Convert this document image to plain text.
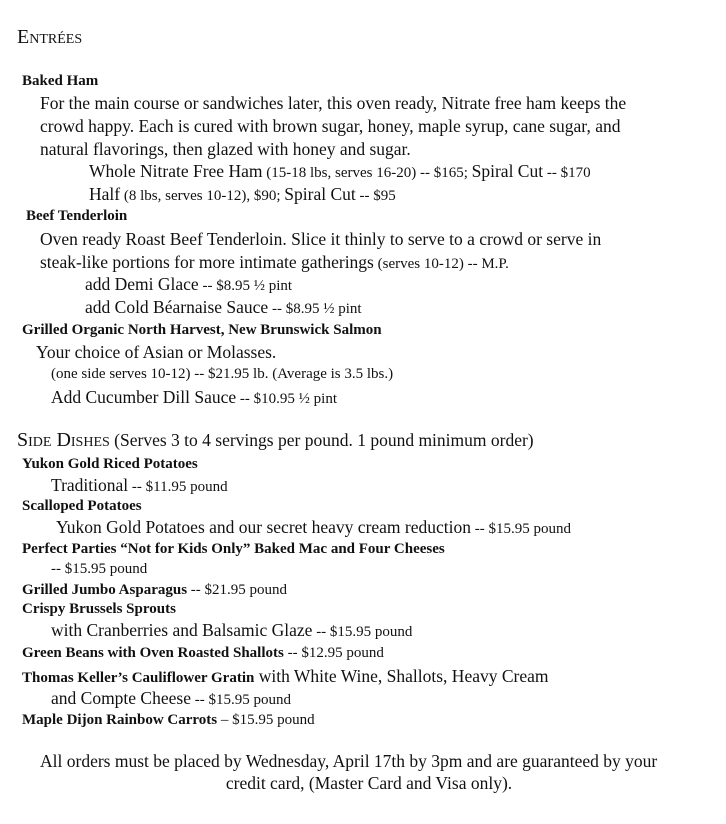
Entrées
Baked Ham
For the main course or sandwiches later, this oven ready, Nitrate free ham keeps the
crowd happy. Each is cured with brown sugar, honey, maple syrup, cane sugar, and
natural flavorings, then glazed with honey and sugar.
Whole Nitrate Free Ham (15-18 lbs, serves 16-20) -- $165; Spiral Cut -- $170
Half (8 lbs, serves 10-12), $90; Spiral Cut -- $95
Beef Tenderloin
Oven ready Roast Beef Tenderloin. Slice it thinly to serve to a crowd or serve in
steak-like portions for more intimate gatherings (serves 10-12) -- M.P.
add Demi Glace -- $8.95 ½ pint
add Cold Béarnaise Sauce -- $8.95 ½ pint
Grilled Organic North Harvest, New Brunswick Salmon
Your choice of Asian or Molasses.
(one side serves 10-12) -- $21.95 lb. (Average is 3.5 lbs.)
Add Cucumber Dill Sauce -- $10.95 ½ pint
Side Dishes (Serves 3 to 4 servings per pound. 1 pound minimum order)
Yukon Gold Riced Potatoes
Traditional -- $11.95 pound
Scalloped Potatoes
Yukon Gold Potatoes and our secret heavy cream reduction -- $15.95 pound
Perfect Parties “Not for Kids Only” Baked Mac and Four Cheeses
-- $15.95 pound
Grilled Jumbo Asparagus -- $21.95 pound
Crispy Brussels Sprouts
with Cranberries and Balsamic Glaze -- $15.95 pound
Green Beans with Oven Roasted Shallots -- $12.95 pound
Thomas Keller’s Cauliflower Gratin with White Wine, Shallots, Heavy Cream
and Compte Cheese -- $15.95 pound
Maple Dijon Rainbow Carrots – $15.95 pound
All orders must be placed by Wednesday, April 17th by 3pm and are guaranteed by your
credit card, (Master Card and Visa only).
